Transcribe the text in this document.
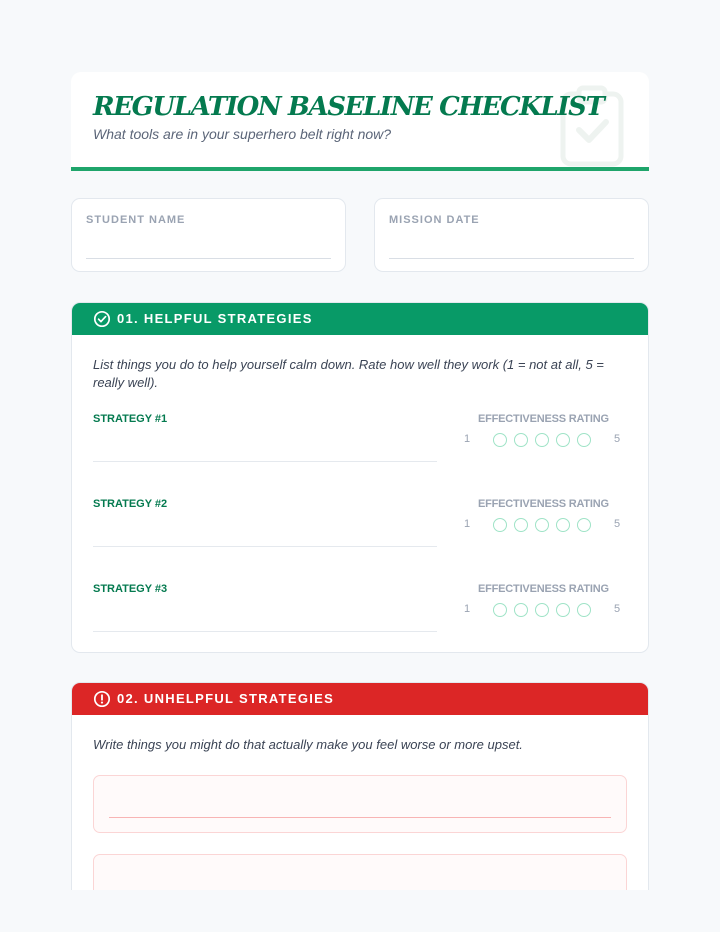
REGULATION BASELINE CHECKLIST
What tools are in your superhero belt right now?
STUDENT NAME	MISSION DATE
01. HELPFUL STRATEGIES
List things you do to help yourself calm down. Rate how well they work (1 = not at all, 5 = really well).
STRATEGY #1	EFFECTIVENESS RATING
1	5
STRATEGY #2	EFFECTIVENESS RATING
1	5
STRATEGY #3	EFFECTIVENESS RATING
1	5
02. UNHELPFUL STRATEGIES
Write things you might do that actually make you feel worse or more upset.
